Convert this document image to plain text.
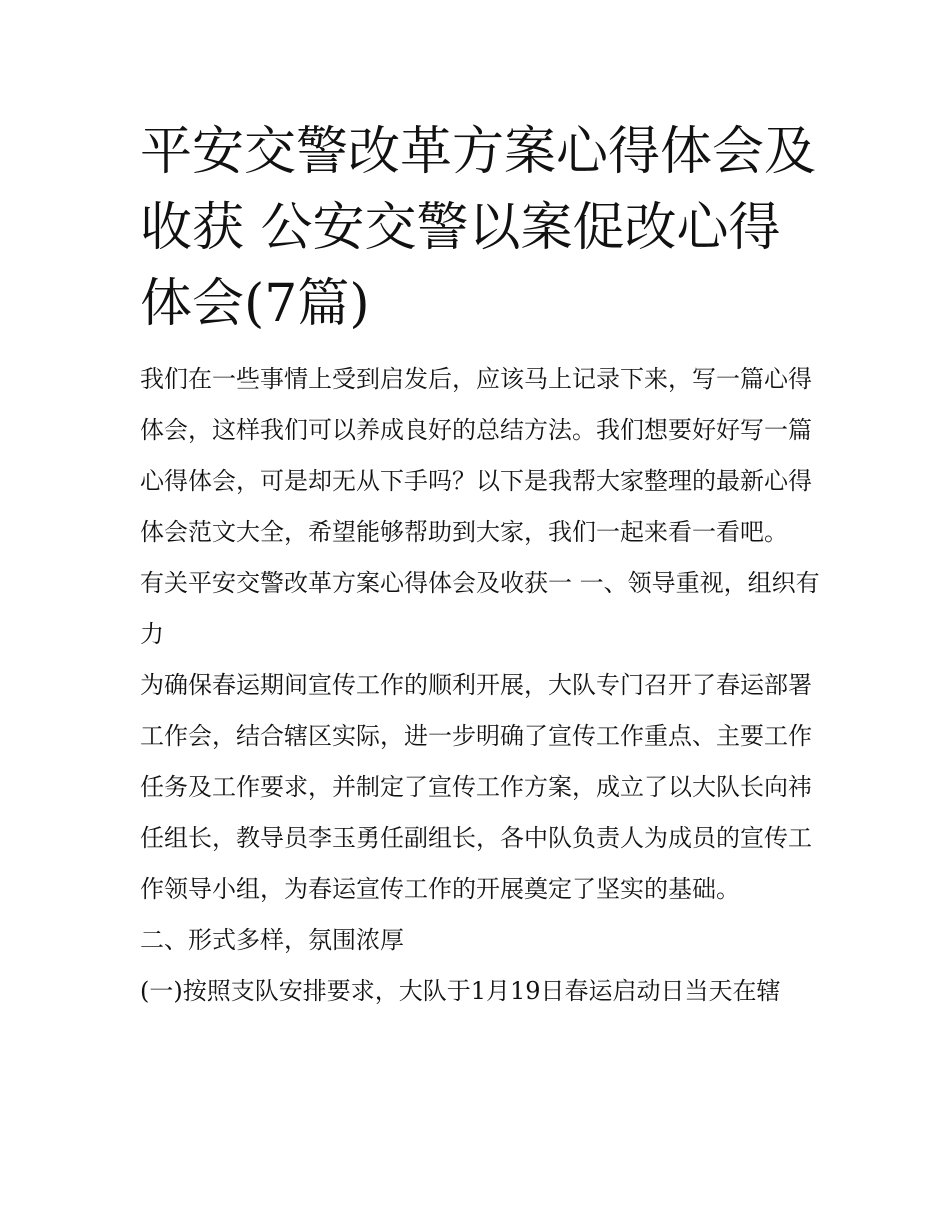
平安交警改革方案心得体会及收获 公安交警以案促改心得体会(7篇)

我们在一些事情上受到启发后，应该马上记录下来，写一篇心得体会，这样我们可以养成良好的总结方法。我们想要好好写一篇心得体会，可是却无从下手吗？以下是我帮大家整理的最新心得体会范文大全，希望能够帮助到大家，我们一起来看一看吧。

有关平安交警改革方案心得体会及收获一 一、领导重视，组织有力

为确保春运期间宣传工作的顺利开展，大队专门召开了春运部署工作会，结合辖区实际，进一步明确了宣传工作重点、主要工作任务及工作要求，并制定了宣传工作方案，成立了以大队长向祎任组长，教导员李玉勇任副组长，各中队负责人为成员的宣传工作领导小组，为春运宣传工作的开展奠定了坚实的基础。

二、形式多样，氛围浓厚

(一)按照支队安排要求，大队于1月19日春运启动日当天在辖
